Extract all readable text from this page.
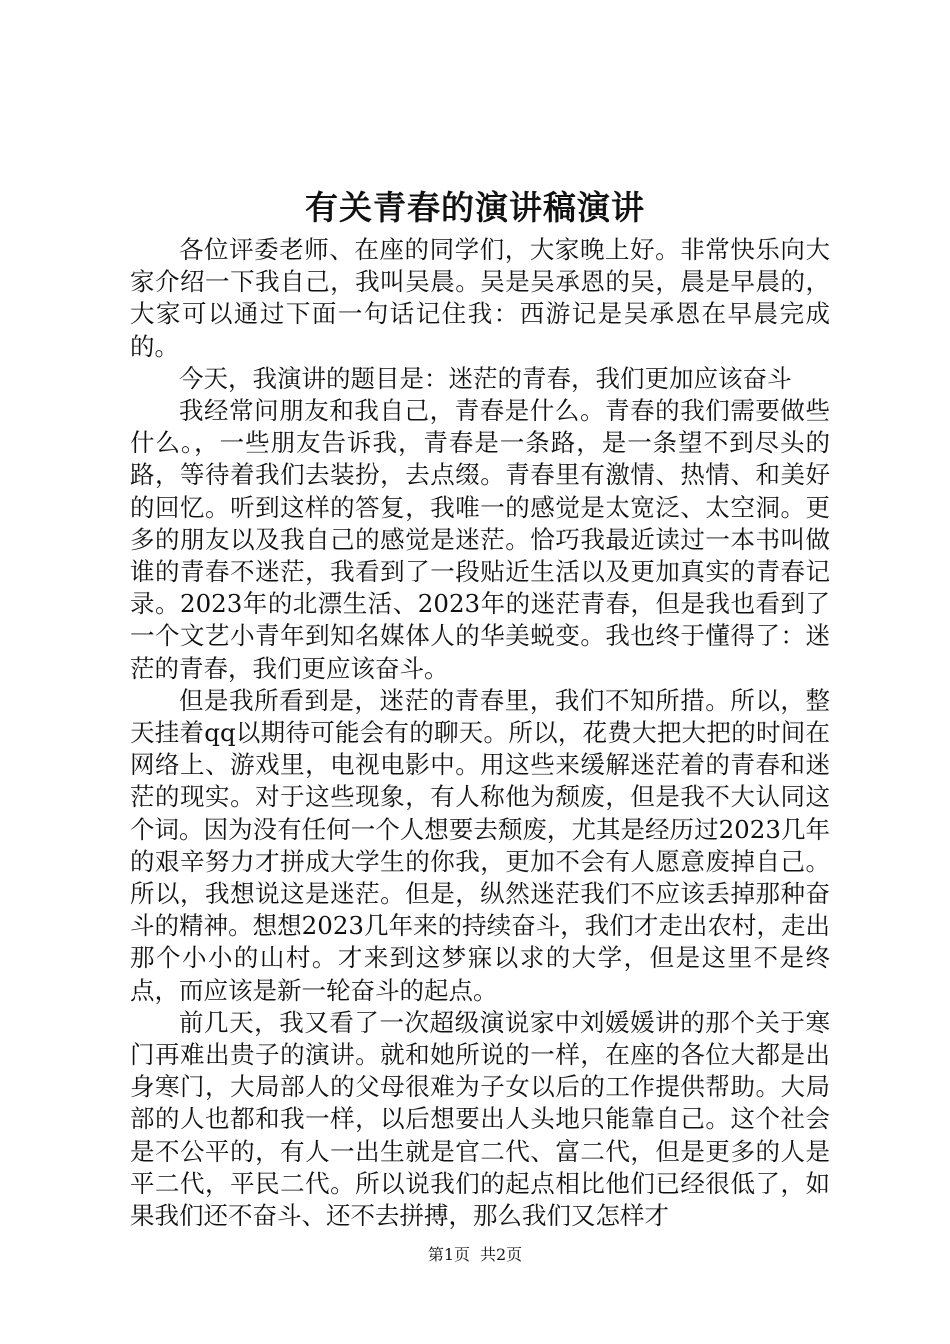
有关青春的演讲稿演讲

各位评委老师、在座的同学们，大家晚上好。非常快乐向大家介绍一下我自己，我叫吴晨。吴是吴承恩的吴，晨是早晨的，大家可以通过下面一句话记住我：西游记是吴承恩在早晨完成的。

今天，我演讲的题目是：迷茫的青春，我们更加应该奋斗

我经常问朋友和我自己，青春是什么。青春的我们需要做些什么。，一些朋友告诉我，青春是一条路，是一条望不到尽头的路，等待着我们去装扮，去点缀。青春里有激情、热情、和美好的回忆。听到这样的答复，我唯一的感觉是太宽泛、太空洞。更多的朋友以及我自己的感觉是迷茫。恰巧我最近读过一本书叫做谁的青春不迷茫，我看到了一段贴近生活以及更加真实的青春记录。2023年的北漂生活、2023年的迷茫青春，但是我也看到了一个文艺小青年到知名媒体人的华美蜕变。我也终于懂得了：迷茫的青春，我们更应该奋斗。

但是我所看到是，迷茫的青春里，我们不知所措。所以，整天挂着qq以期待可能会有的聊天。所以，花费大把大把的时间在网络上、游戏里，电视电影中。用这些来缓解迷茫着的青春和迷茫的现实。对于这些现象，有人称他为颓废，但是我不大认同这个词。因为没有任何一个人想要去颓废，尤其是经历过2023几年的艰辛努力才拼成大学生的你我，更加不会有人愿意废掉自己。所以，我想说这是迷茫。但是，纵然迷茫我们不应该丢掉那种奋斗的精神。想想2023几年来的持续奋斗，我们才走出农村，走出那个小小的山村。才来到这梦寐以求的大学，但是这里不是终点，而应该是新一轮奋斗的起点。

前几天，我又看了一次超级演说家中刘媛媛讲的那个关于寒门再难出贵子的演讲。就和她所说的一样，在座的各位大都是出身寒门，大局部人的父母很难为子女以后的工作提供帮助。大局部的人也都和我一样，以后想要出人头地只能靠自己。这个社会是不公平的，有人一出生就是官二代、富二代，但是更多的人是平二代，平民二代。所以说我们的起点相比他们已经很低了，如果我们还不奋斗、还不去拼搏，那么我们又怎样才

第1页 共2页
